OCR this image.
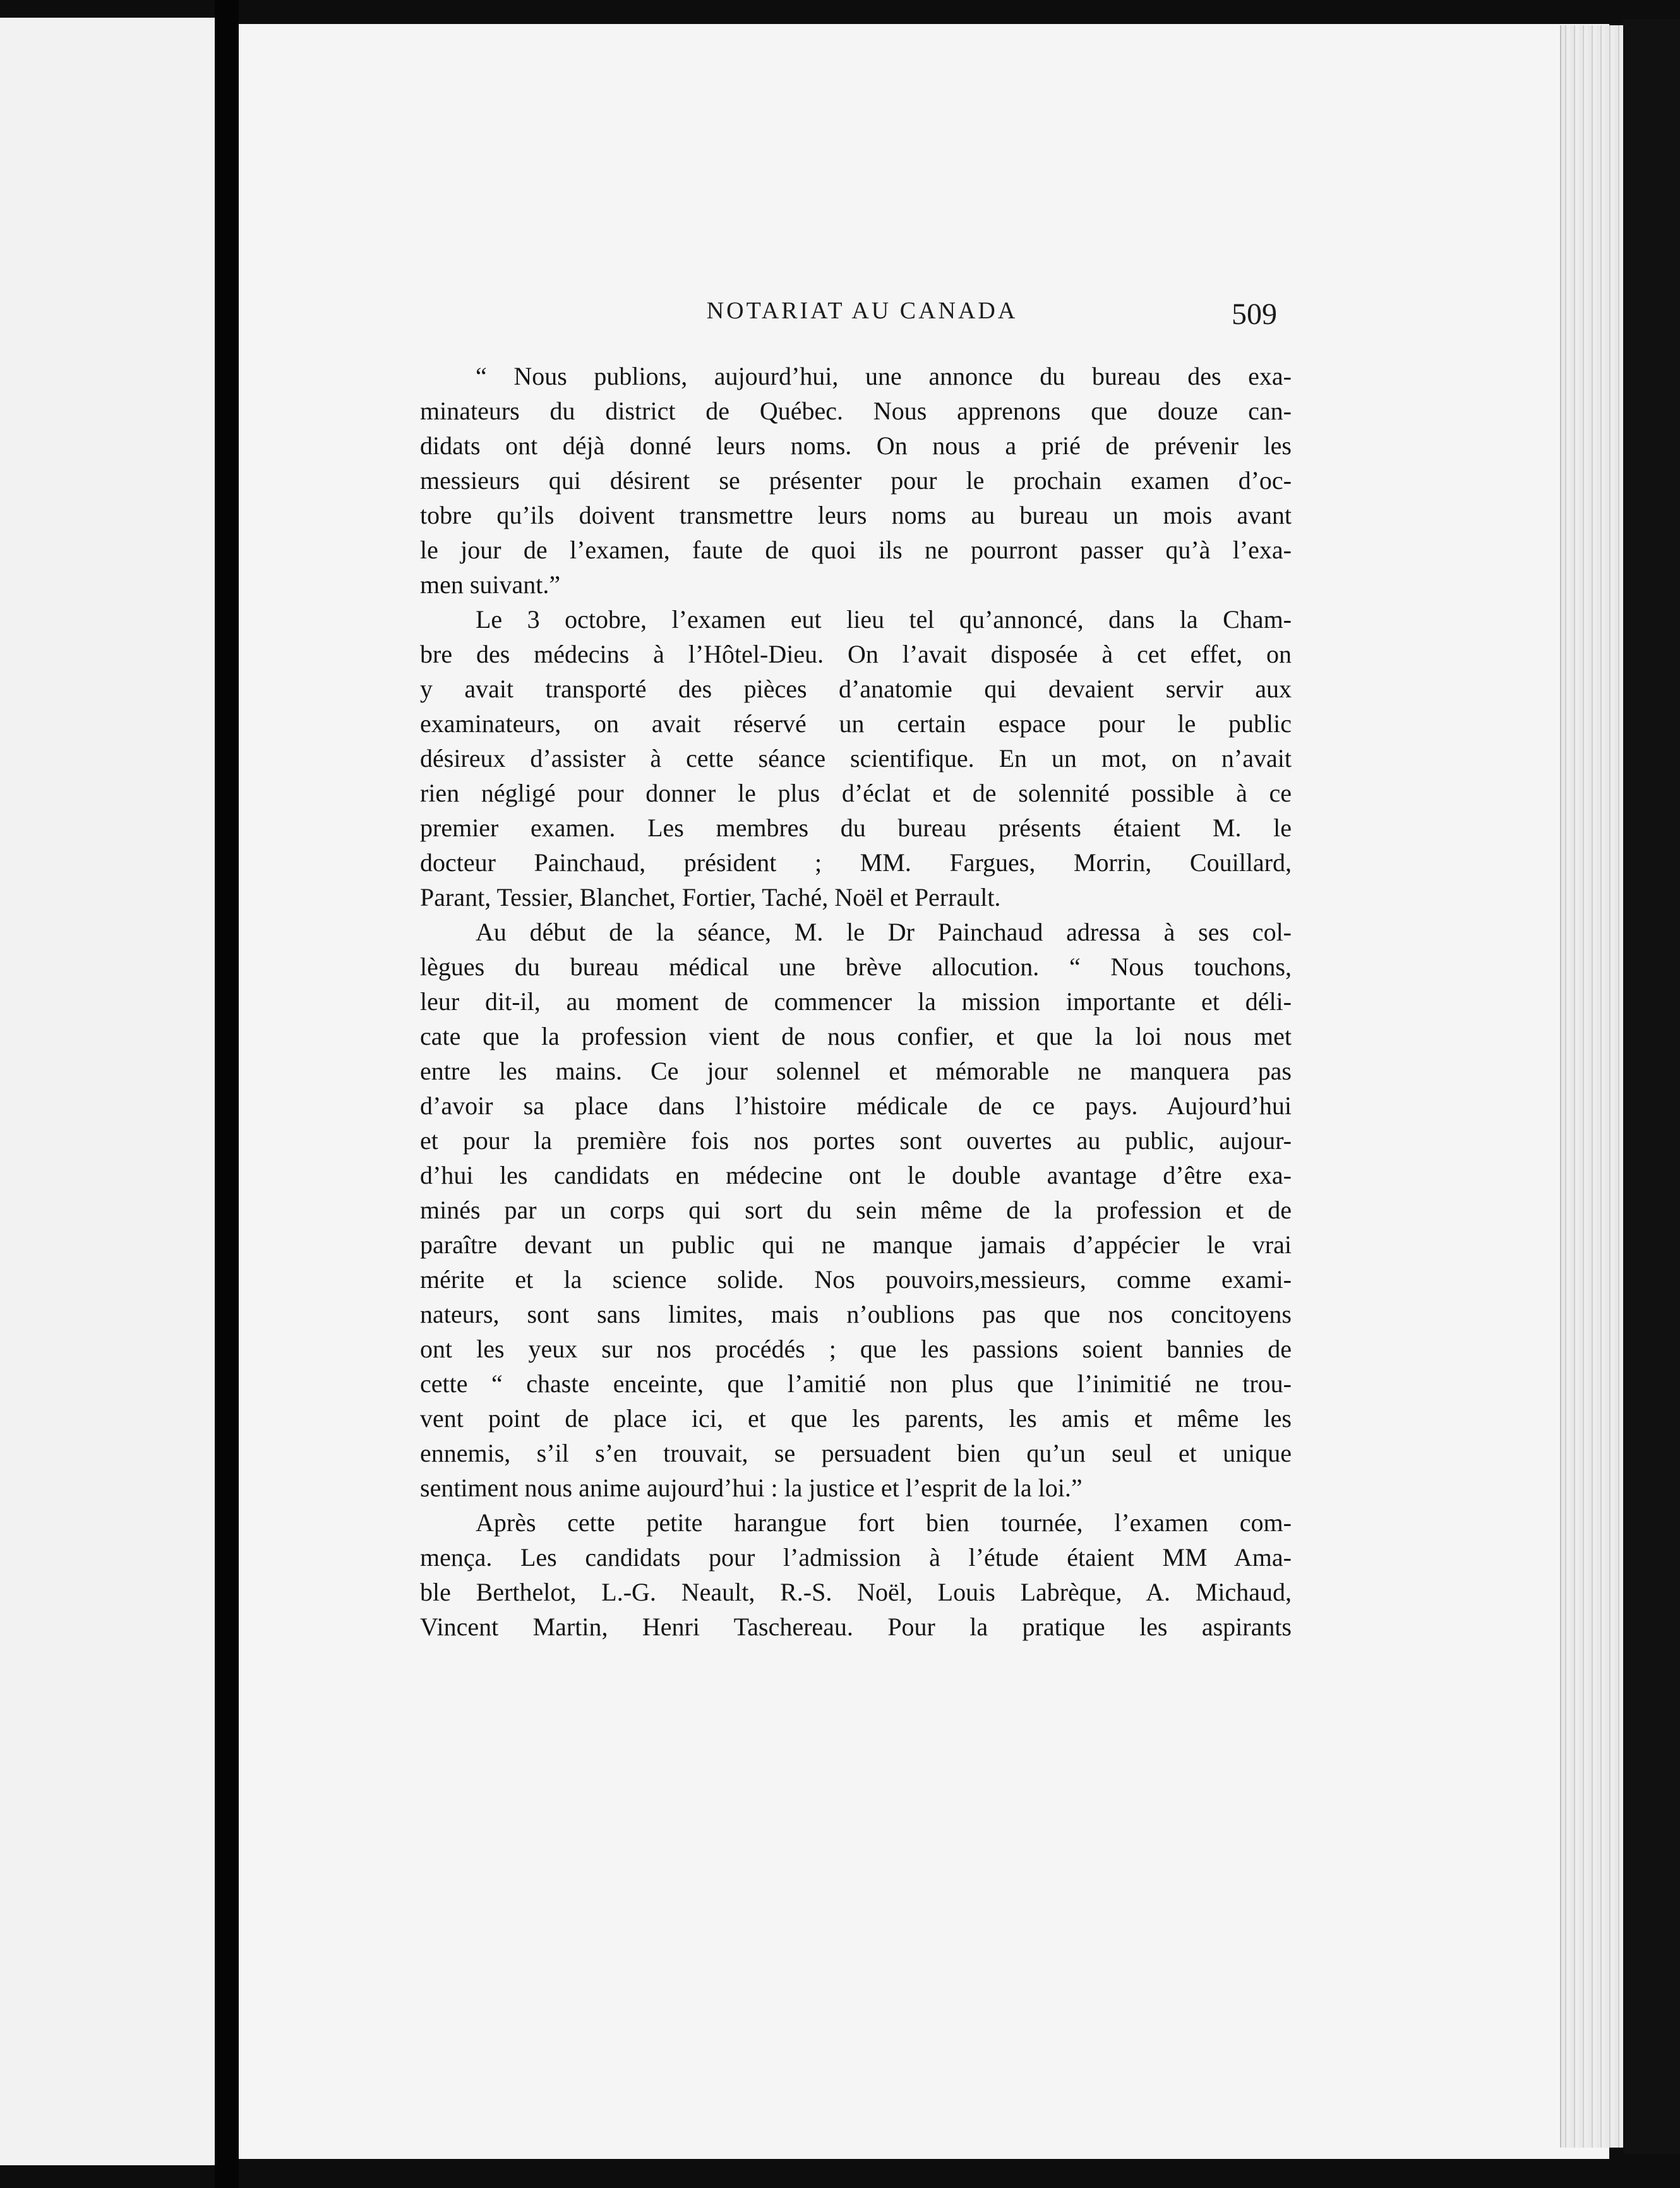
NOTARIAT AU CANADA	509
“ Nous publions, aujourd’hui, une annonce du bureau des exa-
minateurs du district de Québec. Nous apprenons que douze can-
didats ont déjà donné leurs noms. On nous a prié de prévenir les
messieurs qui désirent se présenter pour le prochain examen d’oc-
tobre qu’ils doivent transmettre leurs noms au bureau un mois avant
le jour de l’examen, faute de quoi ils ne pourront passer qu’à l’exa-
men suivant.”
Le 3 octobre, l’examen eut lieu tel qu’annoncé, dans la Cham-
bre des médecins à l’Hôtel-Dieu. On l’avait disposée à cet effet, on
y avait transporté des pièces d’anatomie qui devaient servir aux
examinateurs, on avait réservé un certain espace pour le public
désireux d’assister à cette séance scientifique. En un mot, on n’avait
rien négligé pour donner le plus d’éclat et de solennité possible à ce
premier examen. Les membres du bureau présents étaient M. le
docteur Painchaud, président ; MM. Fargues, Morrin, Couillard,
Parant, Tessier, Blanchet, Fortier, Taché, Noël et Perrault.
Au début de la séance, M. le Dr Painchaud adressa à ses col-
lègues du bureau médical une brève allocution. “ Nous touchons,
leur dit-il, au moment de commencer la mission importante et déli-
cate que la profession vient de nous confier, et que la loi nous met
entre les mains. Ce jour solennel et mémorable ne manquera pas
d’avoir sa place dans l’histoire médicale de ce pays. Aujourd’hui
et pour la première fois nos portes sont ouvertes au public, aujour-
d’hui les candidats en médecine ont le double avantage d’être exa-
minés par un corps qui sort du sein même de la profession et de
paraître devant un public qui ne manque jamais d’appécier le vrai
mérite et la science solide. Nos pouvoirs,messieurs, comme exami-
nateurs, sont sans limites, mais n’oublions pas que nos concitoyens
ont les yeux sur nos procédés ; que les passions soient bannies de
cette “ chaste enceinte, que l’amitié non plus que l’inimitié ne trou-
vent point de place ici, et que les parents, les amis et même les
ennemis, s’il s’en trouvait, se persuadent bien qu’un seul et unique
sentiment nous anime aujourd’hui : la justice et l’esprit de la loi.”
Après cette petite harangue fort bien tournée, l’examen com-
mença. Les candidats pour l’admission à l’étude étaient MM Ama-
ble Berthelot, L.-G. Neault, R.-S. Noël, Louis Labrèque, A. Michaud,
Vincent Martin, Henri Taschereau. Pour la pratique les aspirants
